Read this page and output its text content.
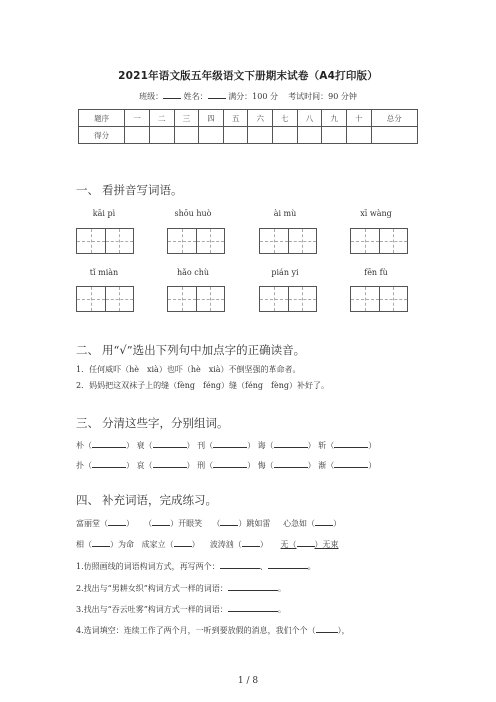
2021年语文版五年级语文下册期末试卷（A4打印版）
班级：	姓名：	满分：100 分 考试时间：90 分钟
题序	一	二	三	四	五	六	七	八	九	十	总分
得分											
一、 看拼音写词语。
kāi pì	shōu huò	ài mù	xī wàng
tǐ miàn	hǎo chù	pián yi	fēn fù
二、 用“√”选出下列句中加点字的正确读音。
1．任何威吓（hè　xià）也吓（hè　xià）不倒坚强的革命者。
2．妈妈把这双袜子上的缝（fèng　féng）缝（féng　fèng）补好了。
三、 分清这些字，分别组词。
朴（	） 衰（	） 刊（	） 诲（	） 斩（	）
扑（	） 哀（	） 刑（	） 悔（	） 渐（	）
四、 补充词语，完成练习。
富丽堂（ ） （ ）开眼笑 （ ）跳如雷 心急如（ ）
相（ ）为命 成家立（ ） 波涛汹（ ） 无（ ）无束
1.仿照画线的词语构词方式，再写两个：	、	。
2.找出与“男耕女织”构词方式一样的词语：	。
3.找出与“吞云吐雾”构词方式一样的词语：	。
4.选词填空：连续工作了两个月，一听到要放假的消息，我们个个（	），
1 / 8
